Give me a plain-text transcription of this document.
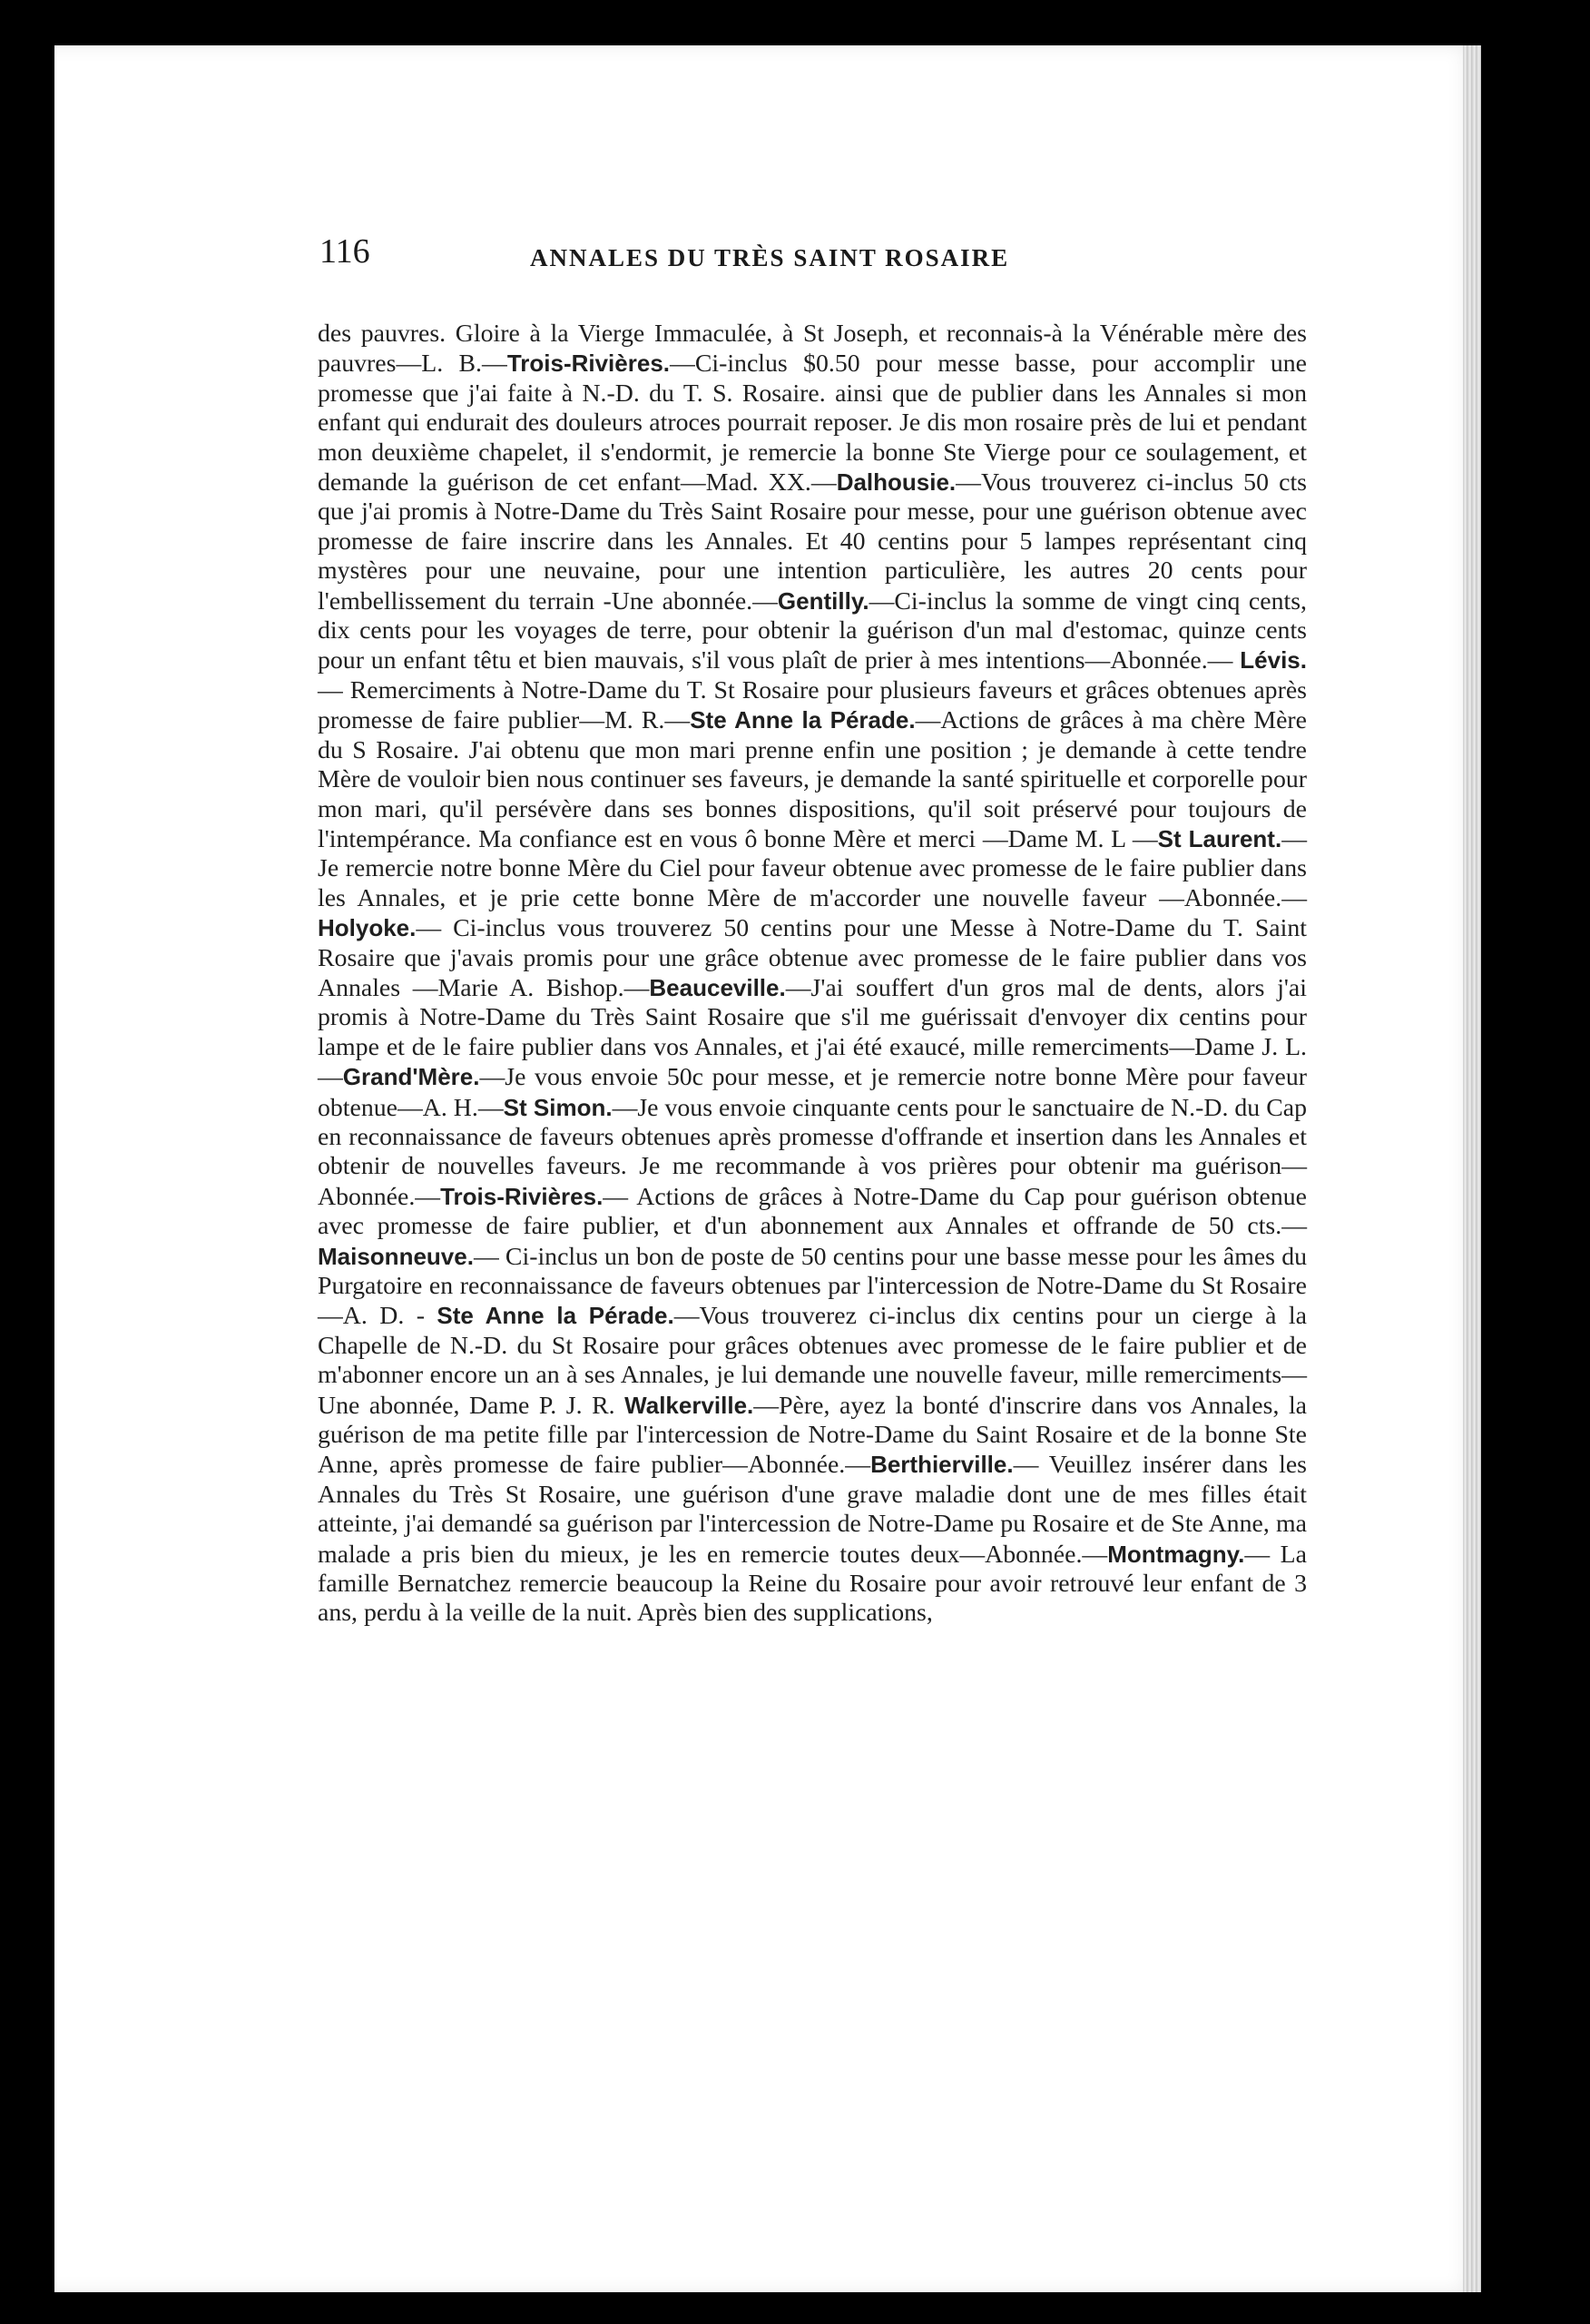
116	ANNALES DU TRÈS SAINT ROSAIRE

des pauvres. Gloire à la Vierge Immaculée, à St Joseph, et reconnais-à la Vénérable mère des pauvres—L. B.—Trois-Rivières.—Ci-inclus $0.50 pour messe basse, pour accomplir une promesse que j'ai faite à N.-D. du T. S. Rosaire. ainsi que de publier dans les Annales si mon enfant qui endurait des douleurs atroces pourrait reposer. Je dis mon rosaire près de lui et pendant mon deuxième chapelet, il s'endormit, je remercie la bonne Ste Vierge pour ce soulagement, et demande la guérison de cet enfant—Mad. XX.—Dalhousie.—Vous trouverez ci-inclus 50 cts que j'ai promis à Notre-Dame du Très Saint Rosaire pour messe, pour une guérison obtenue avec promesse de faire inscrire dans les Annales. Et 40 centins pour 5 lampes représentant cinq mystères pour une neuvaine, pour une intention particulière, les autres 20 cents pour l'embellissement du terrain -Une abonnée.—Gentilly.—Ci-inclus la somme de vingt cinq cents, dix cents pour les voyages de terre, pour obtenir la guérison d'un mal d'estomac, quinze cents pour un enfant têtu et bien mauvais, s'il vous plaît de prier à mes intentions—Abonnée.— Lévis.— Remerciments à Notre-Dame du T. St Rosaire pour plusieurs faveurs et grâces obtenues après promesse de faire publier—M. R.—Ste Anne la Pérade.—Actions de grâces à ma chère Mère du S Rosaire. J'ai obtenu que mon mari prenne enfin une position ; je demande à cette tendre Mère de vouloir bien nous continuer ses faveurs, je demande la santé spirituelle et corporelle pour mon mari, qu'il persévère dans ses bonnes dispositions, qu'il soit préservé pour toujours de l'intempérance. Ma confiance est en vous ô bonne Mère et merci —Dame M. L —St Laurent.—Je remercie notre bonne Mère du Ciel pour faveur obtenue avec promesse de le faire publier dans les Annales, et je prie cette bonne Mère de m'accorder une nouvelle faveur —Abonnée.—Holyoke.— Ci-inclus vous trouverez 50 centins pour une Messe à Notre-Dame du T. Saint Rosaire que j'avais promis pour une grâce obtenue avec promesse de le faire publier dans vos Annales —Marie A. Bishop.—Beauceville.—J'ai souffert d'un gros mal de dents, alors j'ai promis à Notre-Dame du Très Saint Rosaire que s'il me guérissait d'envoyer dix centins pour lampe et de le faire publier dans vos Annales, et j'ai été exaucé, mille remerciments—Dame J. L.—Grand'Mère.—Je vous envoie 50c pour messe, et je remercie notre bonne Mère pour faveur obtenue—A. H.—St Simon.—Je vous envoie cinquante cents pour le sanctuaire de N.-D. du Cap en reconnaissance de faveurs obtenues après promesse d'offrande et insertion dans les Annales et obtenir de nouvelles faveurs. Je me recommande à vos prières pour obtenir ma guérison—Abonnée.—Trois-Rivières.— Actions de grâces à Notre-Dame du Cap pour guérison obtenue avec promesse de faire publier, et d'un abonnement aux Annales et offrande de 50 cts.—Maisonneuve.— Ci-inclus un bon de poste de 50 centins pour une basse messe pour les âmes du Purgatoire en reconnaissance de faveurs obtenues par l'intercession de Notre-Dame du St Rosaire—A. D. - Ste Anne la Pérade.—Vous trouverez ci-inclus dix centins pour un cierge à la Chapelle de N.-D. du St Rosaire pour grâces obtenues avec promesse de le faire publier et de m'abonner encore un an à ses Annales, je lui demande une nouvelle faveur, mille remerciments— Une abonnée, Dame P. J. R. Walkerville.—Père, ayez la bonté d'inscrire dans vos Annales, la guérison de ma petite fille par l'intercession de Notre-Dame du Saint Rosaire et de la bonne Ste Anne, après promesse de faire publier—Abonnée.—Berthierville.— Veuillez insérer dans les Annales du Très St Rosaire, une guérison d'une grave maladie dont une de mes filles était atteinte, j'ai demandé sa guérison par l'intercession de Notre-Dame pu Rosaire et de Ste Anne, ma malade a pris bien du mieux, je les en remercie toutes deux—Abonnée.—Montmagny.— La famille Bernatchez remercie beaucoup la Reine du Rosaire pour avoir retrouvé leur enfant de 3 ans, perdu à la veille de la nuit. Après bien des supplications,
